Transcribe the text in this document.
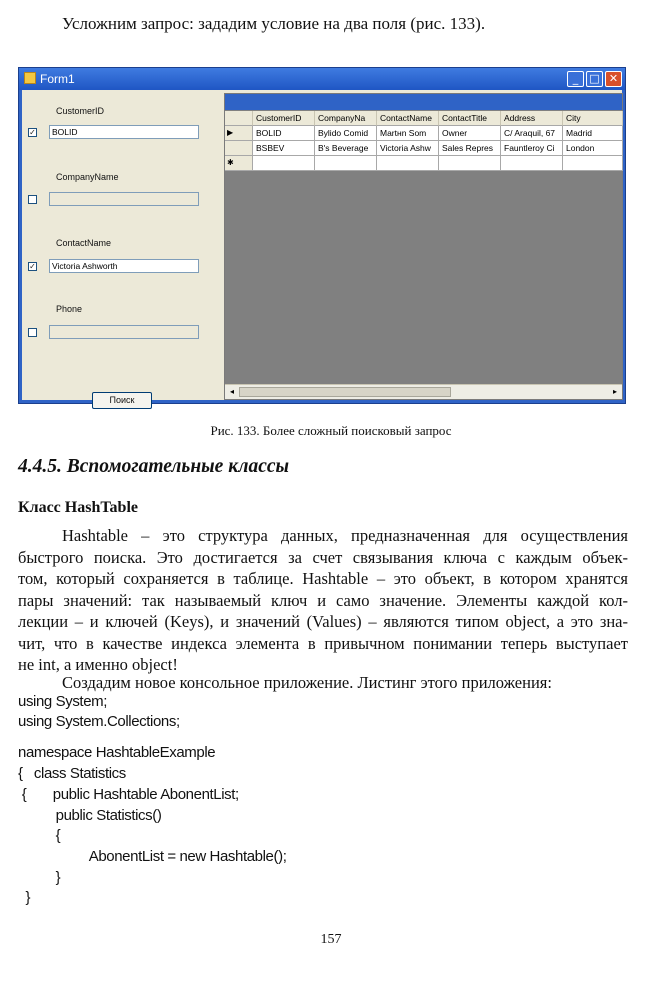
Усложним запрос: зададим условие на два поля (рис. 133).
Form1	_	□ ✕
CustomerID
✓	BOLID
CompanyName
ContactName
✓	Victoria Ashworth
Phone
Поиск
CustomerID	CompanyNa	ContactName	ContactTitle	Address	City
▶	BOLID	Bylido Comid	Martнn Som	Owner	C/ Araquil, 67	Madrid
BSBEV	B's Beverage	Victoria Ashw	Sales Repres	Fauntleroy Ci	London
✱
◂	▸
Рис. 133. Более сложный поисковый запрос
4.4.5. Вспомогательные классы
Класс HashTable
Hashtable – это структура данных, предназначенная для осуществления
быстрого поиска. Это достигается за счет связывания ключа с каждым объек-
том, который сохраняется в таблице. Hashtable – это объект, в котором хранятся
пары значений: так называемый ключ и само значение. Элементы каждой кол-
лекции – и ключей (Keys), и значений (Values) – являются типом object, а это зна-
чит, что в качестве индекса элемента в привычном понимании теперь выступает
не int, а именно object!
Создадим новое консольное приложение. Листинг этого приложения:
using System;
using System.Collections;
namespace HashtableExample
{   class Statistics
{       public Hashtable AbonentList;
public Statistics()
{
AbonentList = new Hashtable();
}
}
157
